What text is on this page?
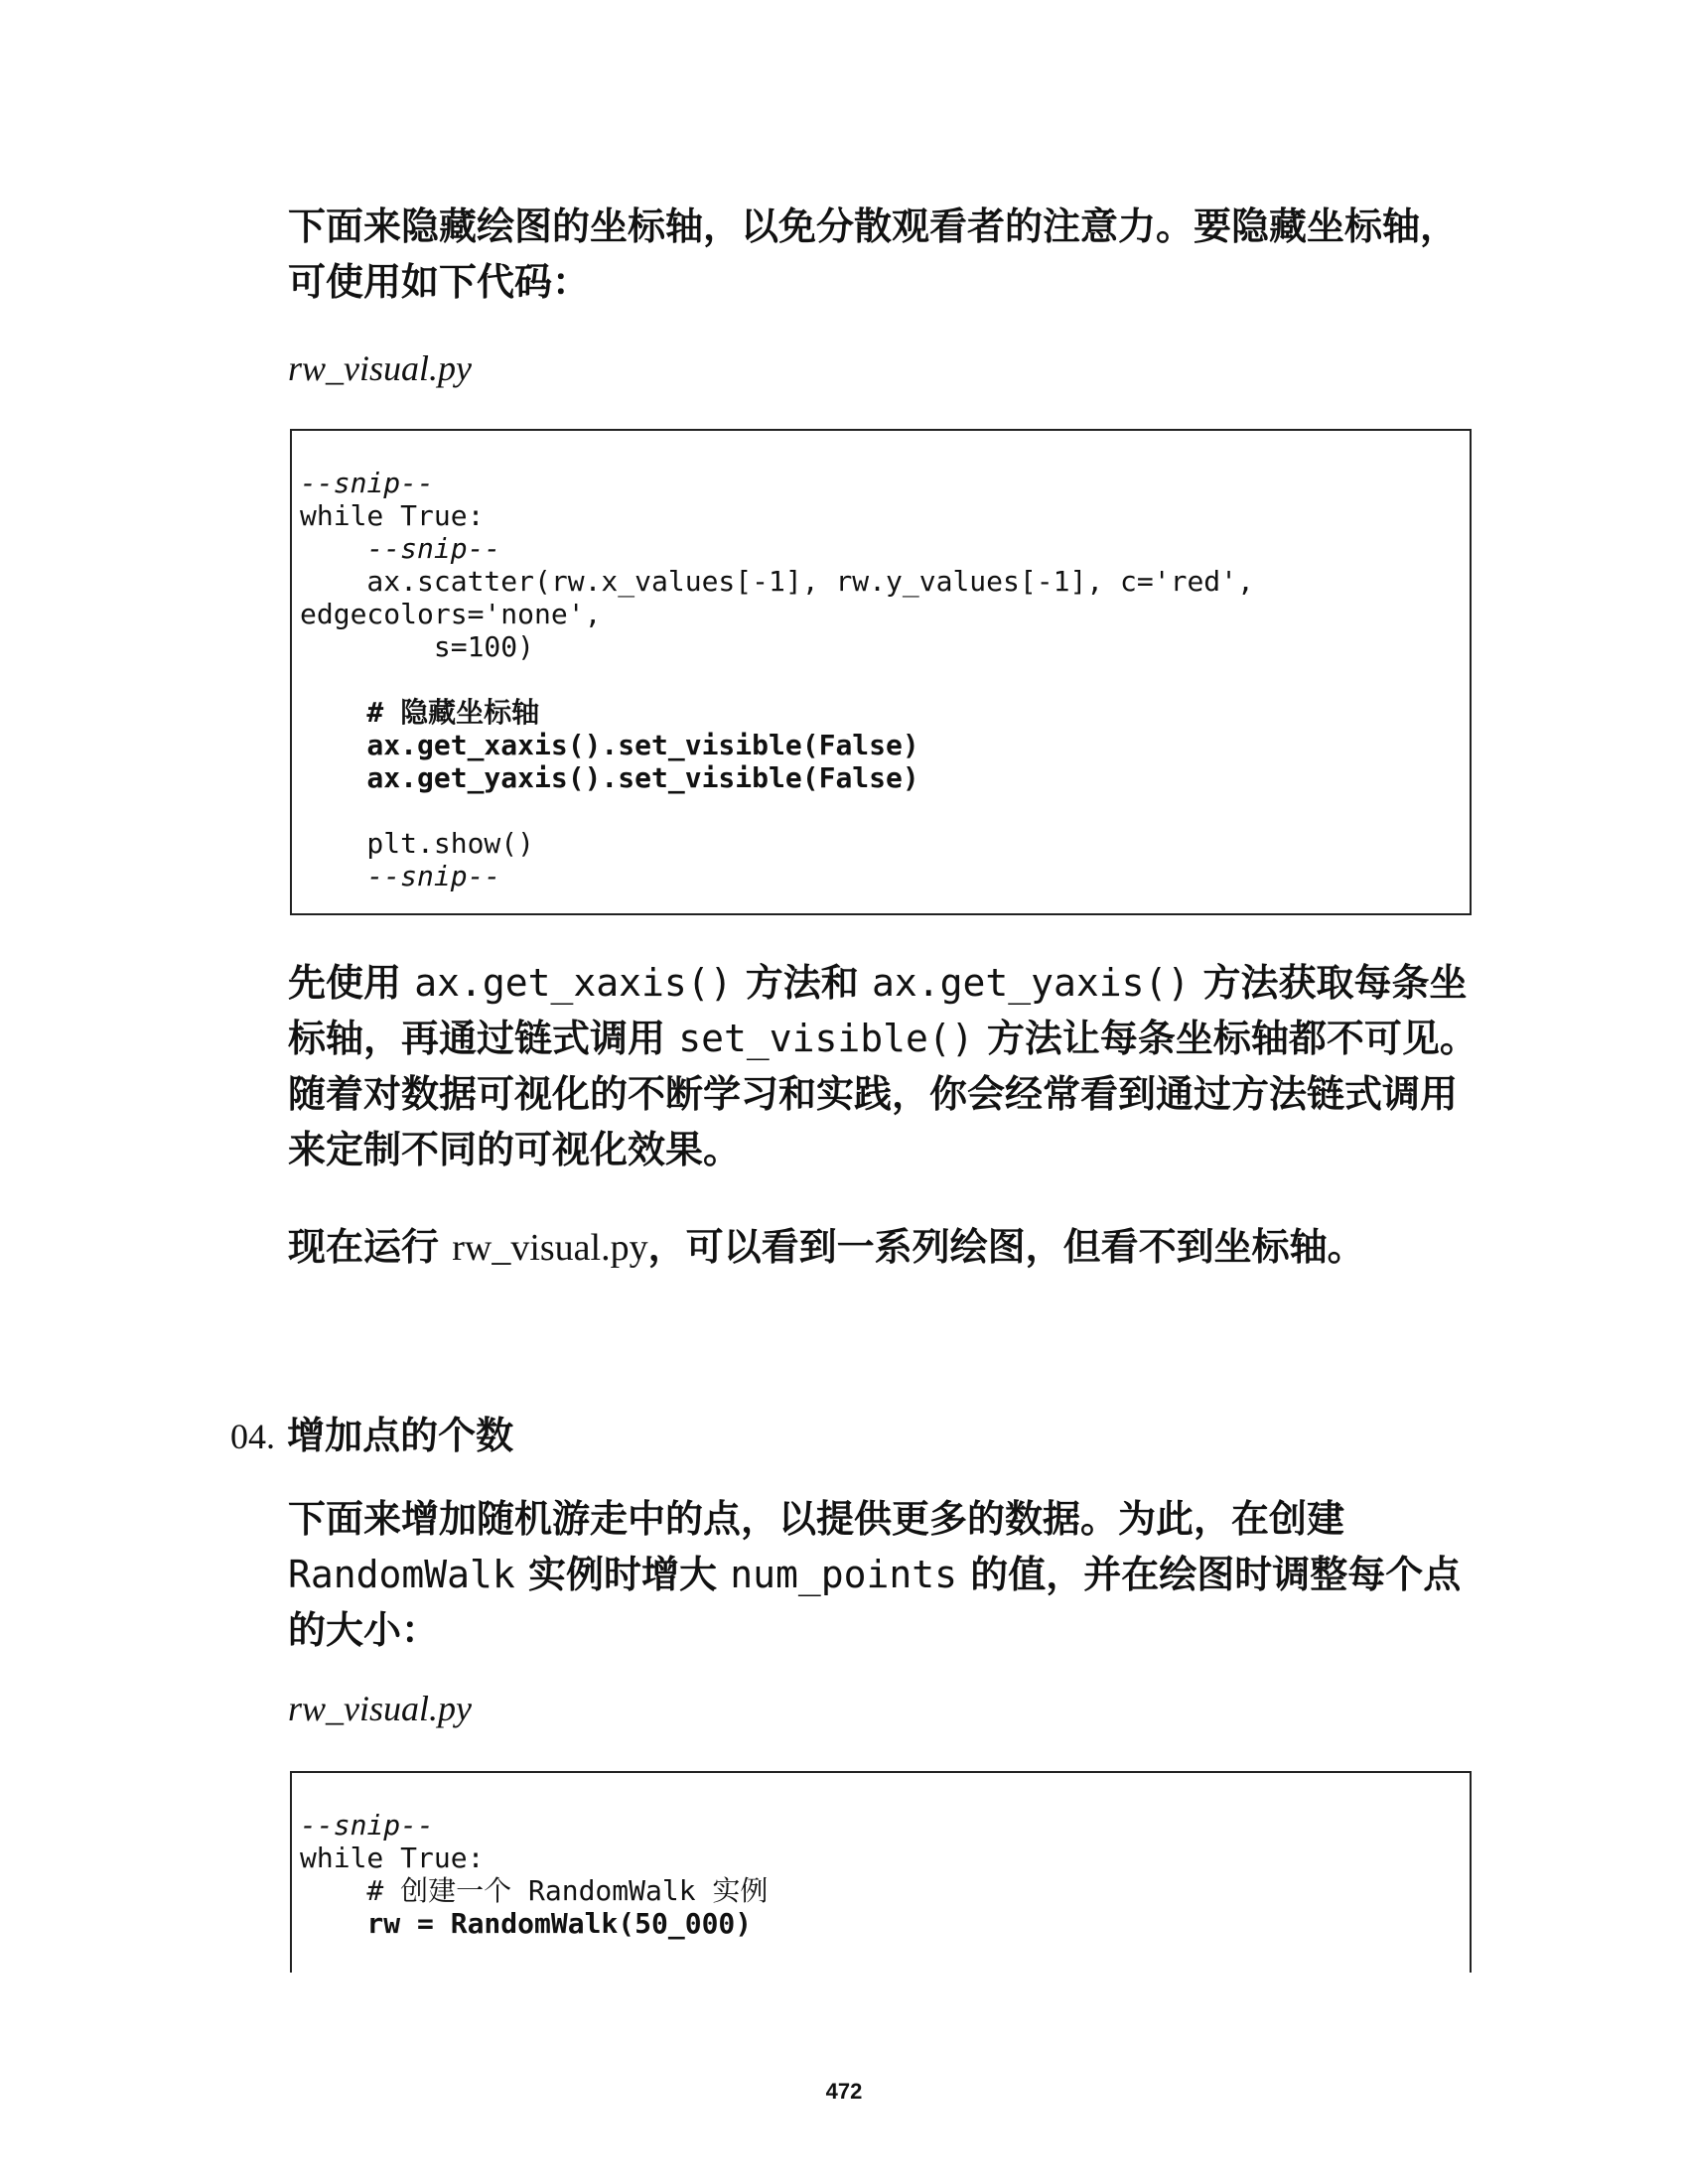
下面来隐藏绘图的坐标轴，以免分散观看者的注意力。要隐藏坐标轴，可使用如下代码：

rw_visual.py

--snip--
while True:
--snip--
ax.scatter(rw.x_values[-1], rw.y_values[-1], c='red',
edgecolors='none',
s=100)

# 隐藏坐标轴
ax.get_xaxis().set_visible(False)
ax.get_yaxis().set_visible(False)

plt.show()
--snip--

先使用 ax.get_xaxis() 方法和 ax.get_yaxis() 方法获取每条坐标轴，再通过链式调用 set_visible() 方法让每条坐标轴都不可见。随着对数据可视化的不断学习和实践，你会经常看到通过方法链式调用来定制不同的可视化效果。

现在运行 rw_visual.py，可以看到一系列绘图，但看不到坐标轴。

04. 增加点的个数

下面来增加随机游走中的点，以提供更多的数据。为此，在创建 RandomWalk 实例时增大 num_points 的值，并在绘图时调整每个点的大小：

rw_visual.py

--snip--
while True:
# 创建一个 RandomWalk 实例
rw = RandomWalk(50_000)
472
